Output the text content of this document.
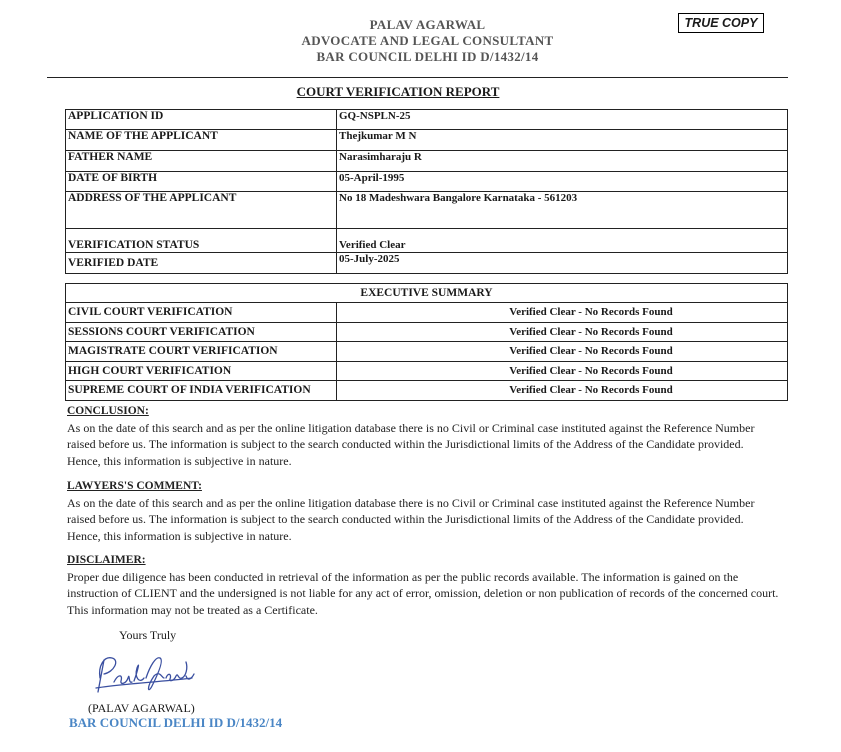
TRUE COPY
PALAV AGARWAL
ADVOCATE AND LEGAL CONSULTANT
BAR COUNCIL DELHI ID D/1432/14
COURT VERIFICATION REPORT
APPLICATION ID	GQ-NSPLN-25
NAME OF THE APPLICANT	Thejkumar M N
FATHER NAME	Narasimharaju R
DATE OF BIRTH	05-April-1995
ADDRESS OF THE APPLICANT	No 18 Madeshwara Bangalore Karnataka - 561203
VERIFICATION STATUS	Verified Clear
VERIFIED DATE	05-July-2025
EXECUTIVE SUMMARY	
CIVIL COURT VERIFICATION	Verified Clear - No Records Found
SESSIONS COURT VERIFICATION	Verified Clear - No Records Found
MAGISTRATE COURT VERIFICATION	Verified Clear - No Records Found
HIGH COURT VERIFICATION	Verified Clear - No Records Found
SUPREME COURT OF INDIA VERIFICATION	Verified Clear - No Records Found
CONCLUSION:
As on the date of this search and as per the online litigation database there is no Civil or Criminal case instituted against the Reference Number raised before us. The information is subject to the search conducted within the Jurisdictional limits of the Address of the Candidate provided. Hence, this information is subjective in nature.
LAWYERS'S COMMENT:
As on the date of this search and as per the online litigation database there is no Civil or Criminal case instituted against the Reference Number raised before us. The information is subject to the search conducted within the Jurisdictional limits of the Address of the Candidate provided. Hence, this information is subjective in nature.
DISCLAIMER:
Proper due diligence has been conducted in retrieval of the information as per the public records available. The information is gained on the instruction of CLIENT and the undersigned is not liable for any act of error, omission, deletion or non publication of records of the concerned court. This information may not be treated as a Certificate.
Yours Truly
(PALAV AGARWAL)
BAR COUNCIL DELHI ID D/1432/14
